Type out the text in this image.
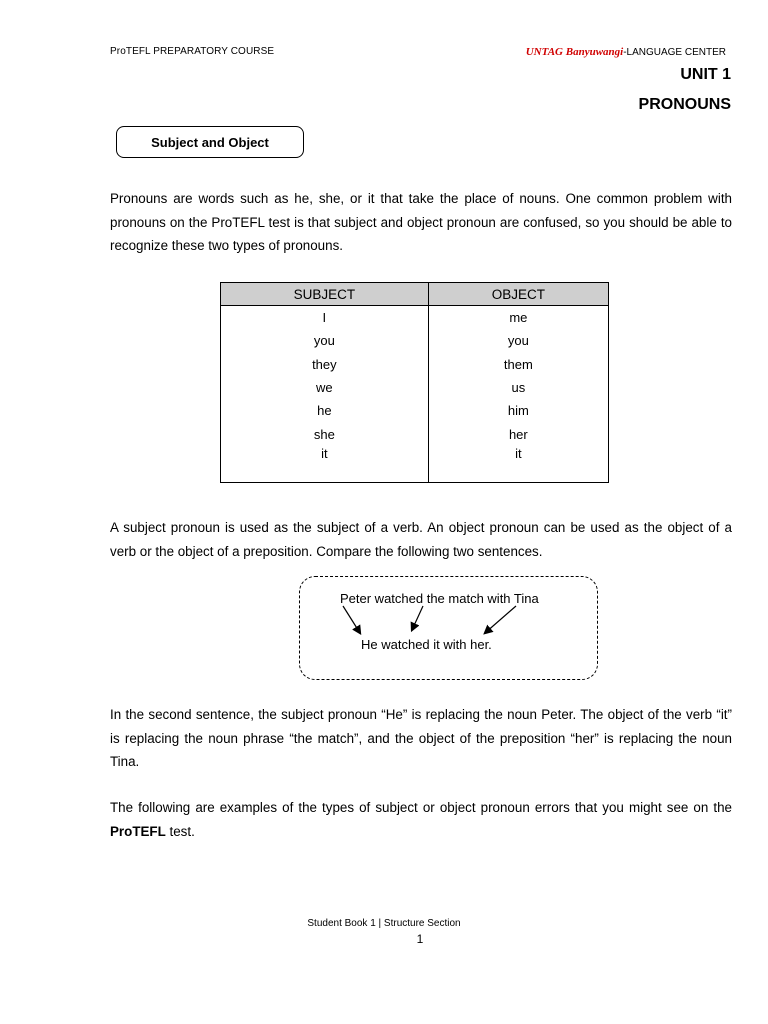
ProTEFL PREPARATORY COURSE	UNTAG Banyuwangi-LANGUAGE CENTER
UNIT 1
PRONOUNS
Subject and Object

Pronouns are words such as he, she, or it that take the place of nouns. One common problem with pronouns on the ProTEFL test is that subject and object pronoun are confused, so you should be able to recognize these two types of pronouns.

SUBJECT	OBJECT
I	me
you	you
they	them
we	us
he	him
she	her
it	it

A subject pronoun is used as the subject of a verb. An object pronoun can be used as the object of a verb or the object of a preposition. Compare the following two sentences.

Peter watched the match with Tina
He watched it with her.

In the second sentence, the subject pronoun “He” is replacing the noun Peter. The object of the verb “it” is replacing the noun phrase “the match”, and the object of the preposition “her” is replacing the noun Tina.

The following are examples of the types of subject or object pronoun errors that you might see on the ProTEFL test.

Student Book 1 | Structure Section
1
